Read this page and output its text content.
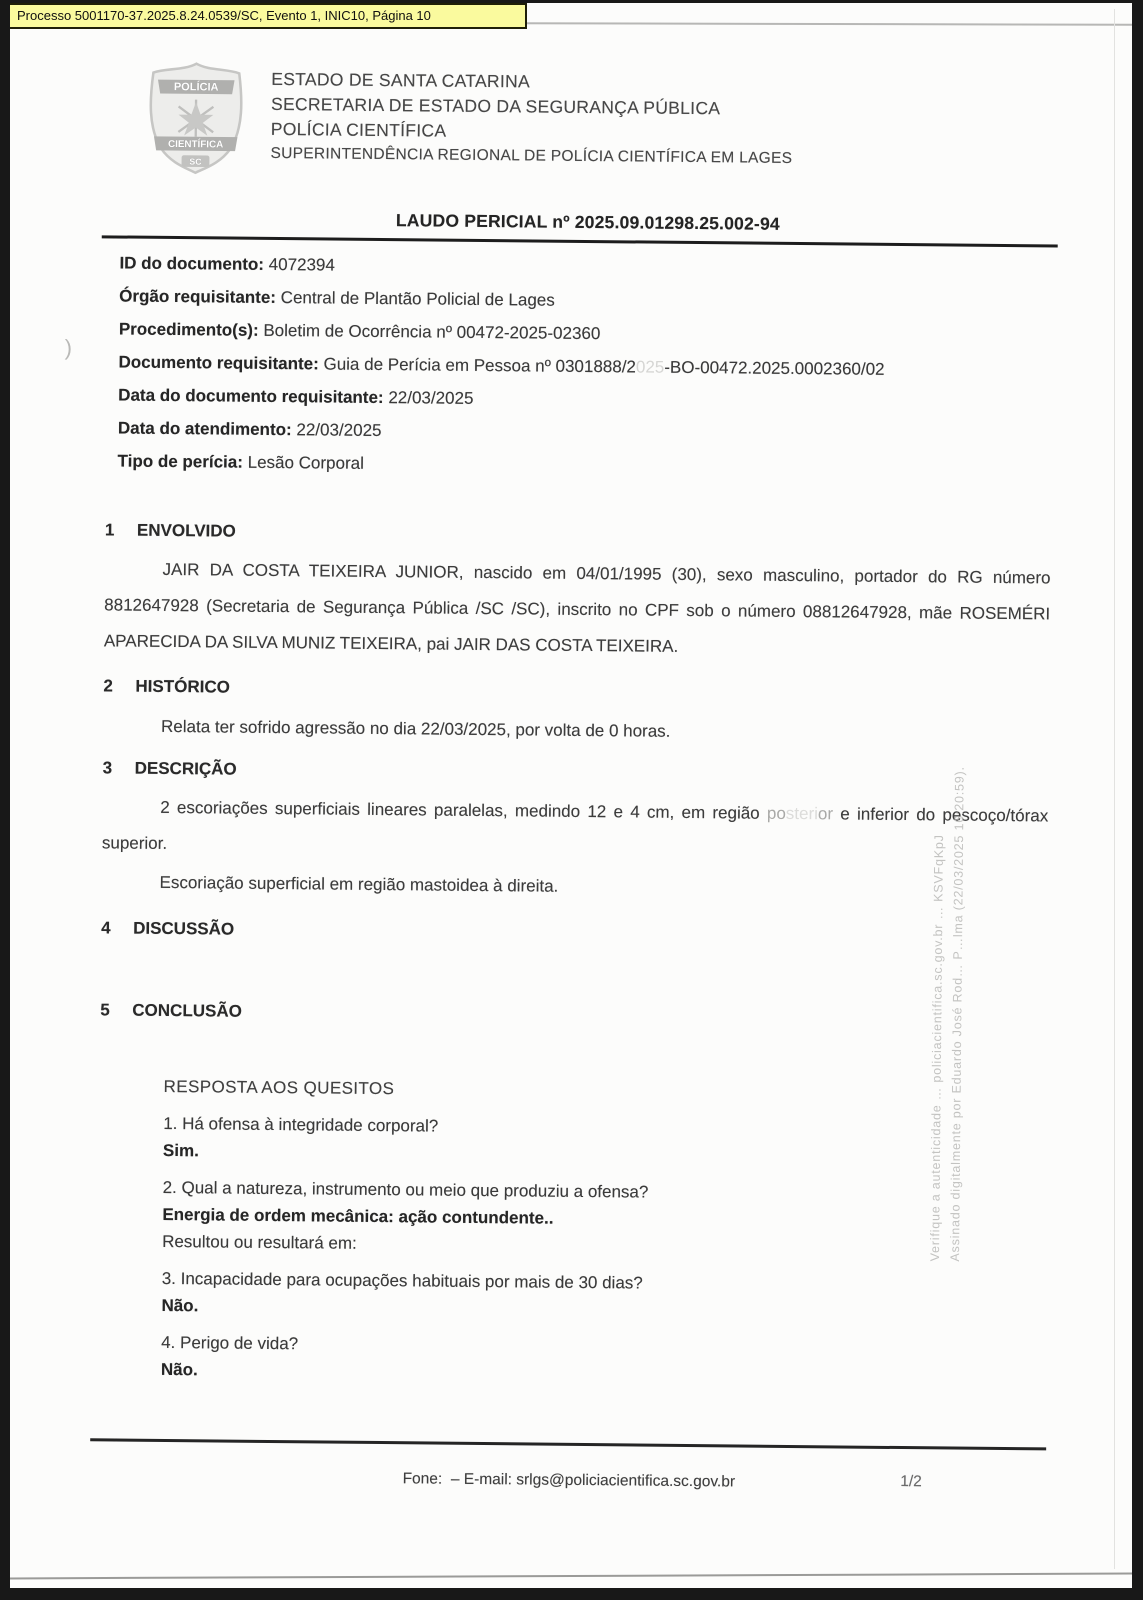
Processo 5001170-37.2025.8.24.0539/SC, Evento 1, INIC10, Página 10
)
POLÍCIA
CIENTÍFICA
SC
ESTADO DE SANTA CATARINA
SECRETARIA DE ESTADO DA SEGURANÇA PÚBLICA
POLÍCIA CIENTÍFICA
SUPERINTENDÊNCIA REGIONAL DE POLÍCIA CIENTÍFICA EM LAGES
LAUDO PERICIAL nº 2025.09.01298.25.002-94

ID do documento: 4072394

Órgão requisitante: Central de Plantão Policial de Lages

Procedimento(s): Boletim de Ocorrência nº 00472-2025-02360

Documento requisitante: Guia de Perícia em Pessoa nº 0301888/2025-BO-00472.2025.0002360/02

Data do documento requisitante: 22/03/2025

Data do atendimento: 22/03/2025

Tipo de perícia: Lesão Corporal

1 ENVOLVIDO

JAIR DA COSTA TEIXEIRA JUNIOR, nascido em 04/01/1995 (30), sexo masculino, portador do RG número 8812647928 (Secretaria de Segurança Pública /SC /SC), inscrito no CPF sob o número 08812647928, mãe ROSEMÉRI APARECIDA DA SILVA MUNIZ TEIXEIRA, pai JAIR DAS COSTA TEIXEIRA.

2 HISTÓRICO

Relata ter sofrido agressão no dia 22/03/2025, por volta de 0 horas.

3 DESCRIÇÃO

2 escoriações superficiais lineares paralelas, medindo 12 e 4 cm, em região posterior e inferior do pescoço/tórax superior.

Escoriação superficial em região mastoidea à direita.

4 DISCUSSÃO

5 CONCLUSÃO

RESPOSTA AOS QUESITOS

1. Há ofensa à integridade corporal?

Sim.

2. Qual a natureza, instrumento ou meio que produziu a ofensa?

Energia de ordem mecânica: ação contundente..

Resultou ou resultará em:

3. Incapacidade para ocupações habituais por mais de 30 dias?

Não.

4. Perigo de vida?

Não.

Fone:  – E-mail: srlgs@policiacientifica.sc.gov.br	1/2
Verifique a autenticidade … policiacientifica.sc.gov.br … KSVFqKpJ Assinado digitalmente por Eduardo José Rod… P…lma (22/03/2025 16:20:59).
